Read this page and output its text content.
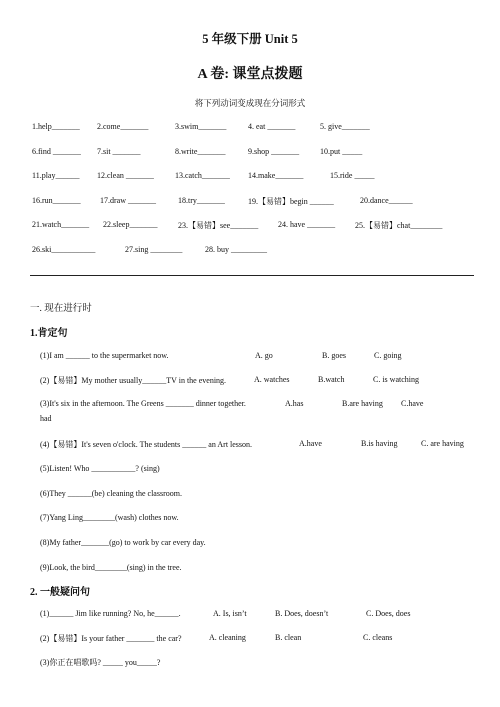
5 年级下册 Unit 5
A 卷: 课堂点拨题
将下列动词变成现在分词形式
1.help_______ 2.come_______	3.swim_______	4. eat _______	5. give_______
6.find _______ 7.sit _______	8.write_______	9.shop _______	10.put _____
11.play______ 12.clean _______	13.catch_______ 14.make_______	15.ride _____
16.run_______ 17.draw _______	18.try_______	19.【易错】begin ______	20.dance______
21.watch_______ 22.sleep_______	23.【易错】see_______ 24. have _______ 25.【易错】chat________
26.ski___________	27.sing ________	28. buy _________
一. 现在进行时
1.肯定句
(1)I am ______ to the supermarket now.	A. go	B. goes	C. going
(2)【易错】My mother usually______TV in the evening.	A. watches	B.watch	C. is watching
(3)It's six in the afternoon. The Greens _______ dinner together.	A.has	B.are having C.have
had
(4)【易错】It's seven o'clock. The students ______ an Art lesson.	A.have	B.is having	C. are having
(5)Listen! Who ___________? (sing)
(6)They ______(be) cleaning the classroom.
(7)Yang Ling________(wash) clothes now.
(8)My father_______(go) to work by car every day.
(9)Look, the bird________(sing) in the tree.
2. 一般疑问句
(1)______ Jim like running? No, he______.	A. Is, isn’t	B. Does, doesn’t	C. Does, does
(2)【易错】Is your father _______ the car?	A. cleaning	B. clean	C. cleans
(3)你正在唱歌吗? _____ you_____?
